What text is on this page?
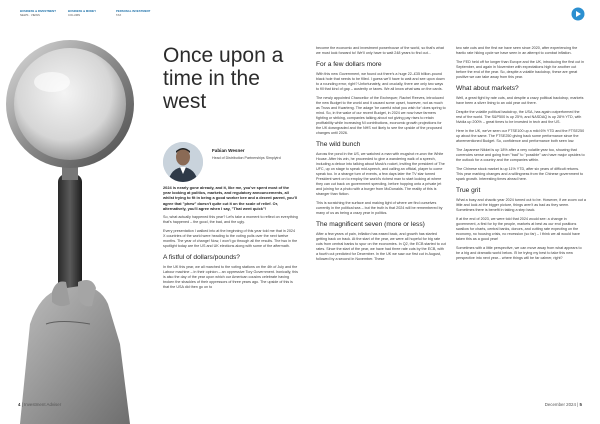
BUSINESS & INVESTMENT
NEWS · VIEWS
BUSINESS & MONEY
COLUMN
PERSONAL INVESTMENT
TAX
Once upon a time in the west
Fabian Wesner
Head of Distribution Partnerships Simplytrd

2024 is nearly gone already, and it, like me, you've spent most of the year looking at politics, markets, and regulatory announcements, all whilst trying to fit in being a good worker bee and a decent parent, you'll agree that "phew" doesn't quite cut it on the scale of relief. Or, alternatively, you'll agree when I say, "That went quick"!

So, what actually happened this year? Let's take a moment to reflect on everything that's happened – the good, the bad, and the ugly.

Every presentation I walked into at the beginning of this year told me that in 2024 X countries of the world were heading to the voting polls over the next twelve months. The year of change! Now, I won't go through all the results. The two in the spotlight today are the US and UK elections along with some of the aftermath.

A fistful of dollars/pounds?

In the UK this year, we all marched to the voting stations on the 4th of July and the Labour machine – in their opinion – an oppressive Tory Government. Ironically, this is also the day of the year upon which our American cousins celebrate having broken the shackles of their oppressors of three years ago. The upside of this is that the USA did then go on to

become the economic and investment powerhouse of the world, so that's what we must look forward to! We'll only have to wait 248 years to find out...

For a few dollars more

With this new Government, we found out there's a huge 22–£35 billion-pound black hole that needs to be filled. I guess we'll have to wait and see upon down to a rounding error, right? Unfortunately, and crucially, there are only two ways to fill that kind of gap – austerity or taxes. We all know what was on the cards.

The newly appointed Chancellor of the Exchequer, Rachel Reeves, introduced the new Budget to the world and it caused some upset, however, not as much as Truss and Kwarteng. The adage 'be careful what you wish for' does spring to mind. So, in the wake of our recent Budget, in 2024 we now have farmers fighting or striking, companies talking about not giving pay rises to retain profitability while increasing NI contributions, economic growth projections for the UK downgraded and the NHS not likely to see the upside of the proposed changes until 2026.

The wild bunch

Across the pond in the US, we watched a man with mugshot re-won the White House. After his win, he proceeded to give a wandering walk of a speech, including a detour into talking about Musk's rocket, inviting the president of The UFC, up on stage to speak mid-speech, and calling an official, player to come speak too. In a strange turn of events, a few days later the TV star turned President went on to employ the world's richest man to start looking at where they can cut back on government spending, before hopping onto a private jet and joining for a photo with a burger from McDonalds. The reality of this is stranger than fiction.

This is scratching the surface and making light of where we find ourselves currently in the political sea – but the truth is that 2024 will be remembered by many of us as being a crazy year in politics.

The magnificent seven (more or less)

After a few years of pain, inflation has eased back, and growth has started getting back on track. At the start of the year, we were all hopeful for big rate cuts from central banks to spur on the economies. In Q2, the ECB started to cut rates. Since the start of the year, we have had three rate cuts by the ECB, with a fourth cut predicted for December. In the UK we saw our first cut in August, followed by a second in November. These

two rate cuts and the first we have seen since 2020, after experiencing the frantic rate hiking cycle we have seen in an attempt to combat inflation.

The FED held off for longer than Europe and the UK, introducing the first cut in September, and again in November with expectations high for another cut before the end of the year. So, despite a volatile backdrop, these are great positive we can take away from this year.

What about markets?

Well, a great fight by rate cuts, and despite a crazy political backdrop, markets have been a silver lining to an odd year out there.

Despite the volatile political backdrop, the USA, has again outperformed the rest of the world. The S&P500 is up 25%, and NASDAQ is up 28% YTD, with Nvidia up 200% – great times to be invested in tech and the US.

Here in the UK, we've seen our FTSE100 up a mild 6% YTD and the FTSE250 up about the same. The FTSE250 giving back some performance since the aforementioned Budget. So, confidence and performance both seen low.

The Japanese Nikkei is up 18% after a very volatile year too, showing that currencies sense and going from "bad" to "possible" can have major upsides to the outlook for a country and the companies within.

The Chinese stock market is up 11% YTD, after six years of difficult returns. This year marking changes and a willingness from the Chinese government to spark growth. Interesting times ahead here.

True grit

What a busy and chaotic year 2024 turned out to be. However, if we zoom out a little and look at the bigger picture, things aren't as bad as they seem. Sometimes there is benefit in taking a step back.

If at the end of 2023, we were told that 2024 would see: a change in government, a first for by the people, markets at best as our end positions swallow for charts, central banks, donors, and cutting rate expecting on the economy, no housing crisis, no recession (so far) – I think we all would have taken this as a good year!

Sometimes with a little perspective, we can move away from what appears to be a big and dramatic world below. I'll be trying my best to take this new perspective into next year... where things will be far calmer, right?

4 | Investment Adviser	December 2024 | 5
